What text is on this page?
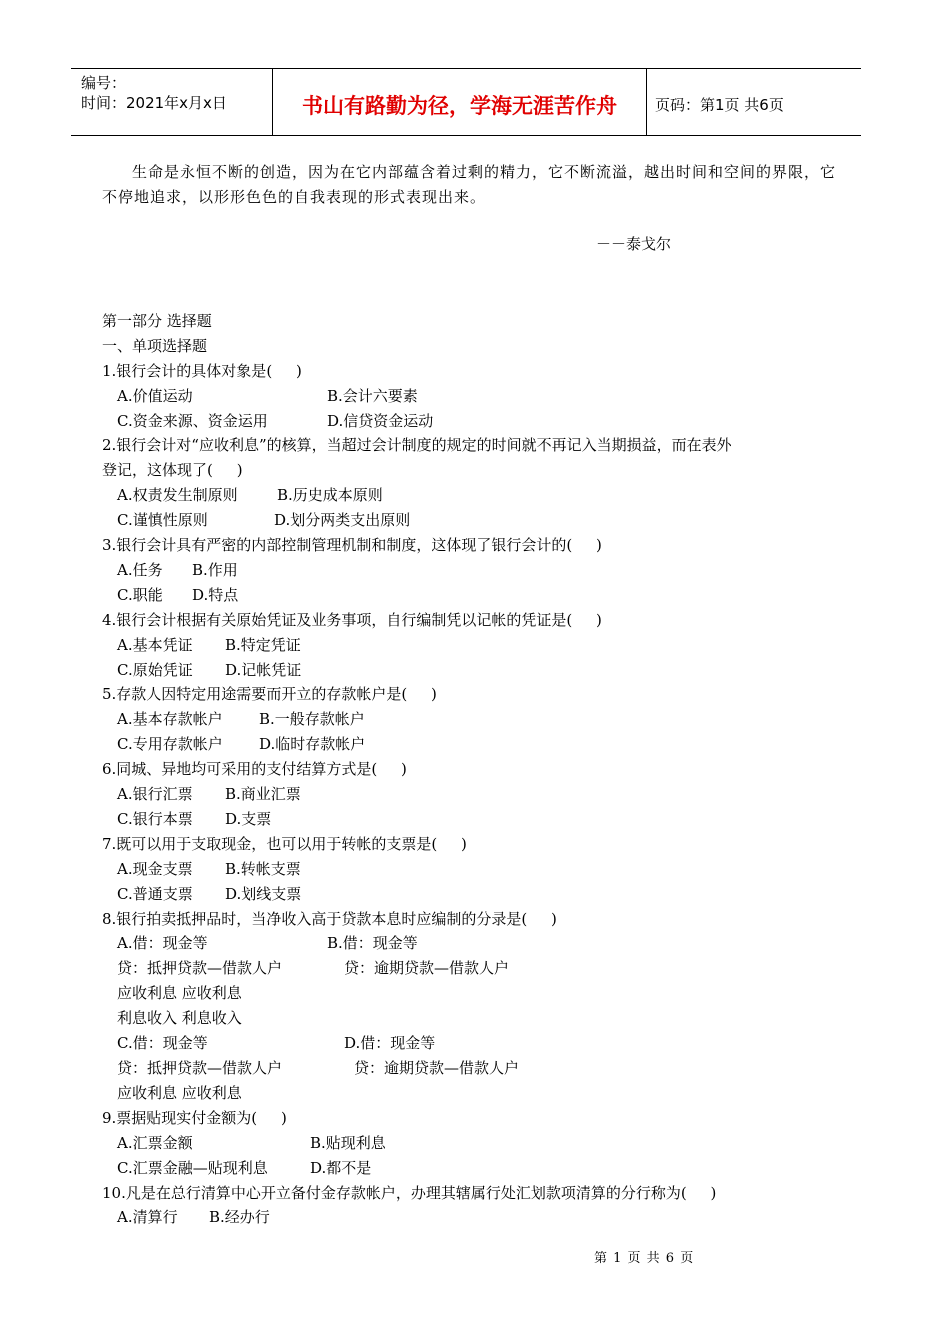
编号：
时间：2021年x月x日	书山有路勤为径，学海无涯苦作舟	页码：第1页 共6页
生命是永恒不断的创造，因为在它内部蕴含着过剩的精力，它不断流溢，越出时间和空间的界限，它不停地追求，以形形色色的自我表现的形式表现出来。
－－泰戈尔
第一部分 选择题
一、单项选择题
1.银行会计的具体对象是(     )
A.价值运动	B.会计六要素
C.资金来源、资金运用	D.信贷资金运动
2.银行会计对“应收利息”的核算，当超过会计制度的规定的时间就不再记入当期损益，而在表外
登记，这体现了(     )
A.权责发生制原则	B.历史成本原则
C.谨慎性原则	D.划分两类支出原则
3.银行会计具有严密的内部控制管理机制和制度，这体现了银行会计的(     )
A.任务	B.作用
C.职能	D.特点
4.银行会计根据有关原始凭证及业务事项，自行编制凭以记帐的凭证是(     )
A.基本凭证	B.特定凭证
C.原始凭证	D.记帐凭证
5.存款人因特定用途需要而开立的存款帐户是(     )
A.基本存款帐户	B.一般存款帐户
C.专用存款帐户	D.临时存款帐户
6.同城、异地均可采用的支付结算方式是(     )
A.银行汇票	B.商业汇票
C.银行本票	D.支票
7.既可以用于支取现金，也可以用于转帐的支票是(     )
A.现金支票	B.转帐支票
C.普通支票	D.划线支票
8.银行拍卖抵押品时，当净收入高于贷款本息时应编制的分录是(     )
A.借：现金等	B.借：现金等
贷：抵押贷款—借款人户	贷：逾期贷款—借款人户
应收利息 应收利息
利息收入 利息收入
C.借：现金等	D.借：现金等
贷：抵押贷款—借款人户	贷：逾期贷款—借款人户
应收利息 应收利息
9.票据贴现实付金额为(     )
A.汇票金额	B.贴现利息
C.汇票金融—贴现利息	D.都不是
10.凡是在总行清算中心开立备付金存款帐户，办理其辖属行处汇划款项清算的分行称为(     )
A.清算行	B.经办行
第 1 页 共 6 页
